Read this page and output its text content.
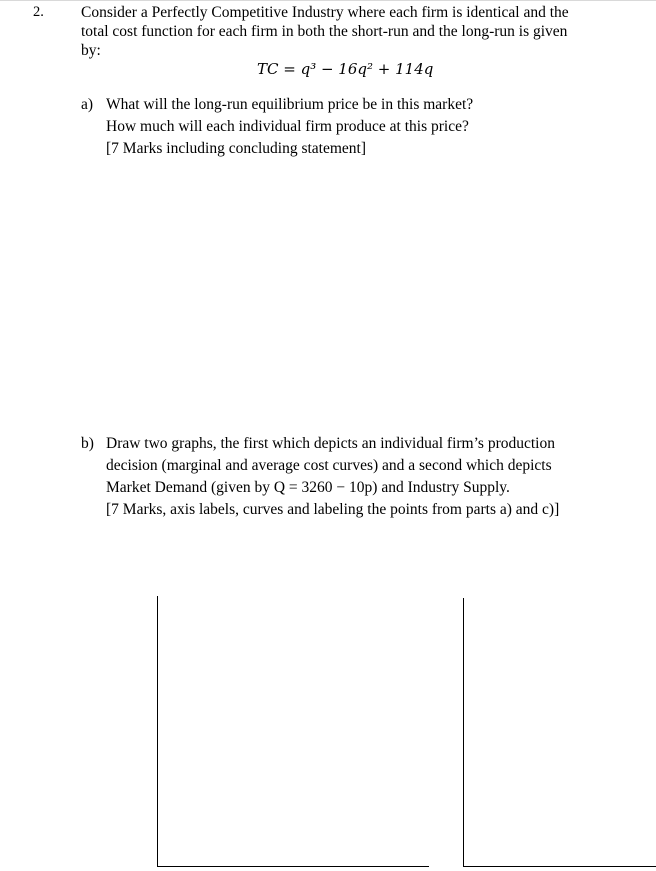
2. Consider a Perfectly Competitive Industry where each firm is identical and the
total cost function for each firm in both the short-run and the long-run is given
by:
TC = q³ − 16q² + 114q
a) What will the long-run equilibrium price be in this market?
How much will each individual firm produce at this price?
[7 Marks including concluding statement]
b) Draw two graphs, the first which depicts an individual firm’s production
decision (marginal and average cost curves) and a second which depicts
Market Demand (given by Q = 3260 − 10p) and Industry Supply.
[7 Marks, axis labels, curves and labeling the points from parts a) and c)]
